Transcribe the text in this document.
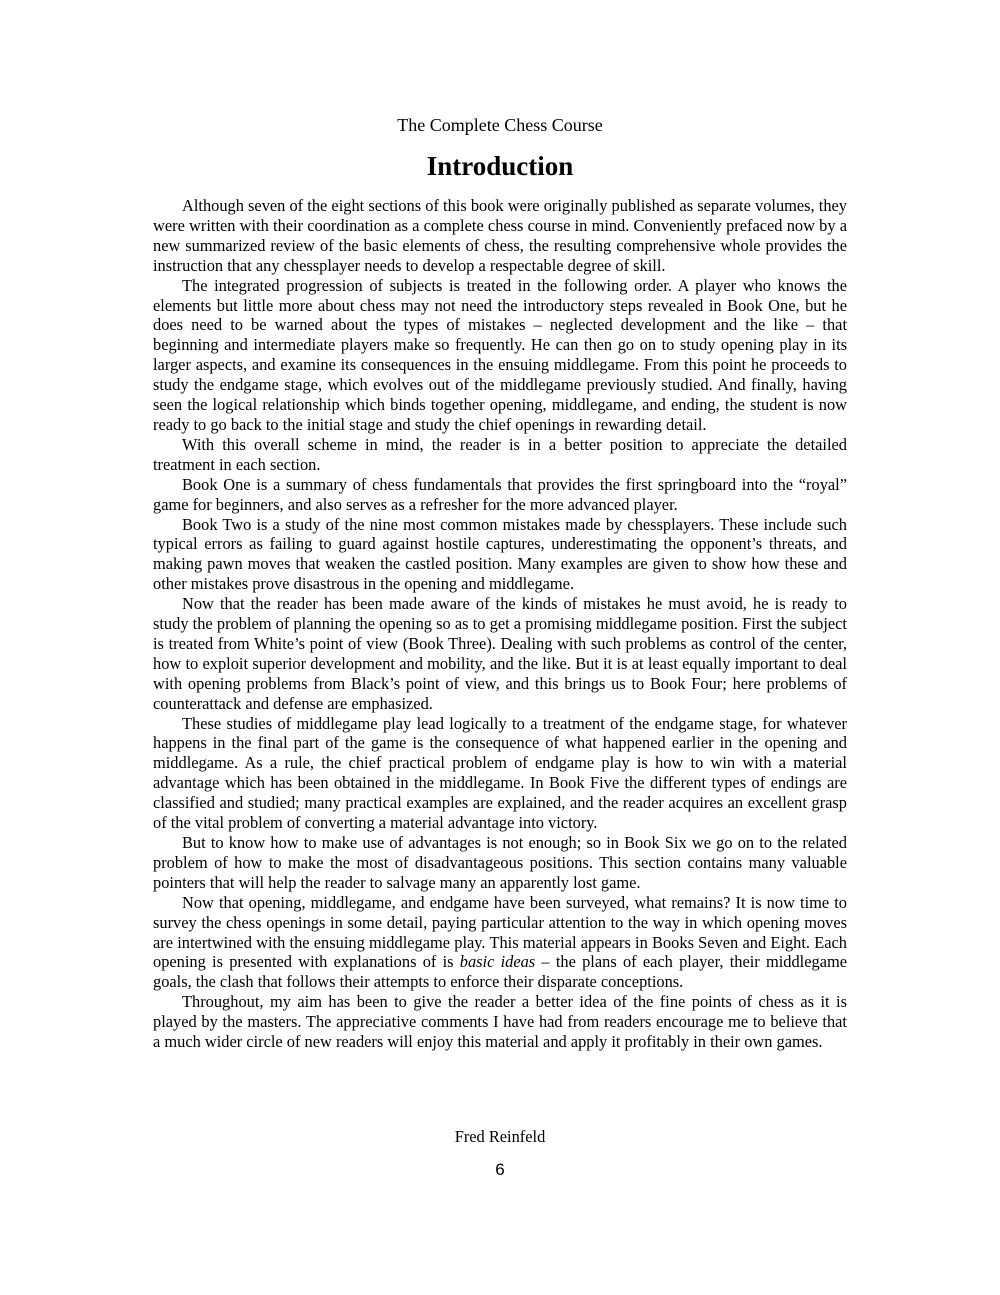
The Complete Chess Course
Introduction

Although seven of the eight sections of this book were originally published as separate volumes, they were written with their coordination as a complete chess course in mind. Conveniently prefaced now by a new summarized review of the basic elements of chess, the resulting comprehensive whole provides the instruction that any chessplayer needs to develop a respectable degree of skill.

The integrated progression of subjects is treated in the following order. A player who knows the elements but little more about chess may not need the introductory steps revealed in Book One, but he does need to be warned about the types of mistakes – neglected development and the like – that beginning and intermediate players make so frequently. He can then go on to study opening play in its larger aspects, and examine its consequences in the ensuing middlegame. From this point he proceeds to study the endgame stage, which evolves out of the middlegame previously studied. And finally, having seen the logical relationship which binds together opening, middlegame, and ending, the student is now ready to go back to the initial stage and study the chief openings in rewarding detail.

With this overall scheme in mind, the reader is in a better position to appreciate the detailed treatment in each section.

Book One is a summary of chess fundamentals that provides the first springboard into the “royal” game for beginners, and also serves as a refresher for the more advanced player.

Book Two is a study of the nine most common mistakes made by chessplayers. These include such typical errors as failing to guard against hostile captures, underestimating the opponent’s threats, and making pawn moves that weaken the castled position. Many examples are given to show how these and other mistakes prove disastrous in the opening and middlegame.

Now that the reader has been made aware of the kinds of mistakes he must avoid, he is ready to study the problem of planning the opening so as to get a promising middlegame position. First the subject is treated from White’s point of view (Book Three). Dealing with such problems as control of the center, how to exploit superior development and mobility, and the like. But it is at least equally important to deal with opening problems from Black’s point of view, and this brings us to Book Four; here problems of counterattack and defense are emphasized.

These studies of middlegame play lead logically to a treatment of the endgame stage, for whatever happens in the final part of the game is the consequence of what happened earlier in the opening and middlegame. As a rule, the chief practical problem of endgame play is how to win with a material advantage which has been obtained in the middlegame. In Book Five the different types of endings are classified and studied; many practical examples are explained, and the reader acquires an excellent grasp of the vital problem of converting a material advantage into victory.

But to know how to make use of advantages is not enough; so in Book Six we go on to the related problem of how to make the most of disadvantageous positions. This section contains many valuable pointers that will help the reader to salvage many an apparently lost game.

Now that opening, middlegame, and endgame have been surveyed, what remains? It is now time to survey the chess openings in some detail, paying particular attention to the way in which opening moves are intertwined with the ensuing middlegame play. This material appears in Books Seven and Eight. Each opening is presented with explanations of is basic ideas – the plans of each player, their middlegame goals, the clash that follows their attempts to enforce their disparate conceptions.

Throughout, my aim has been to give the reader a better idea of the fine points of chess as it is played by the masters. The appreciative comments I have had from readers encourage me to believe that a much wider circle of new readers will enjoy this material and apply it profitably in their own games.

Fred Reinfeld
6
